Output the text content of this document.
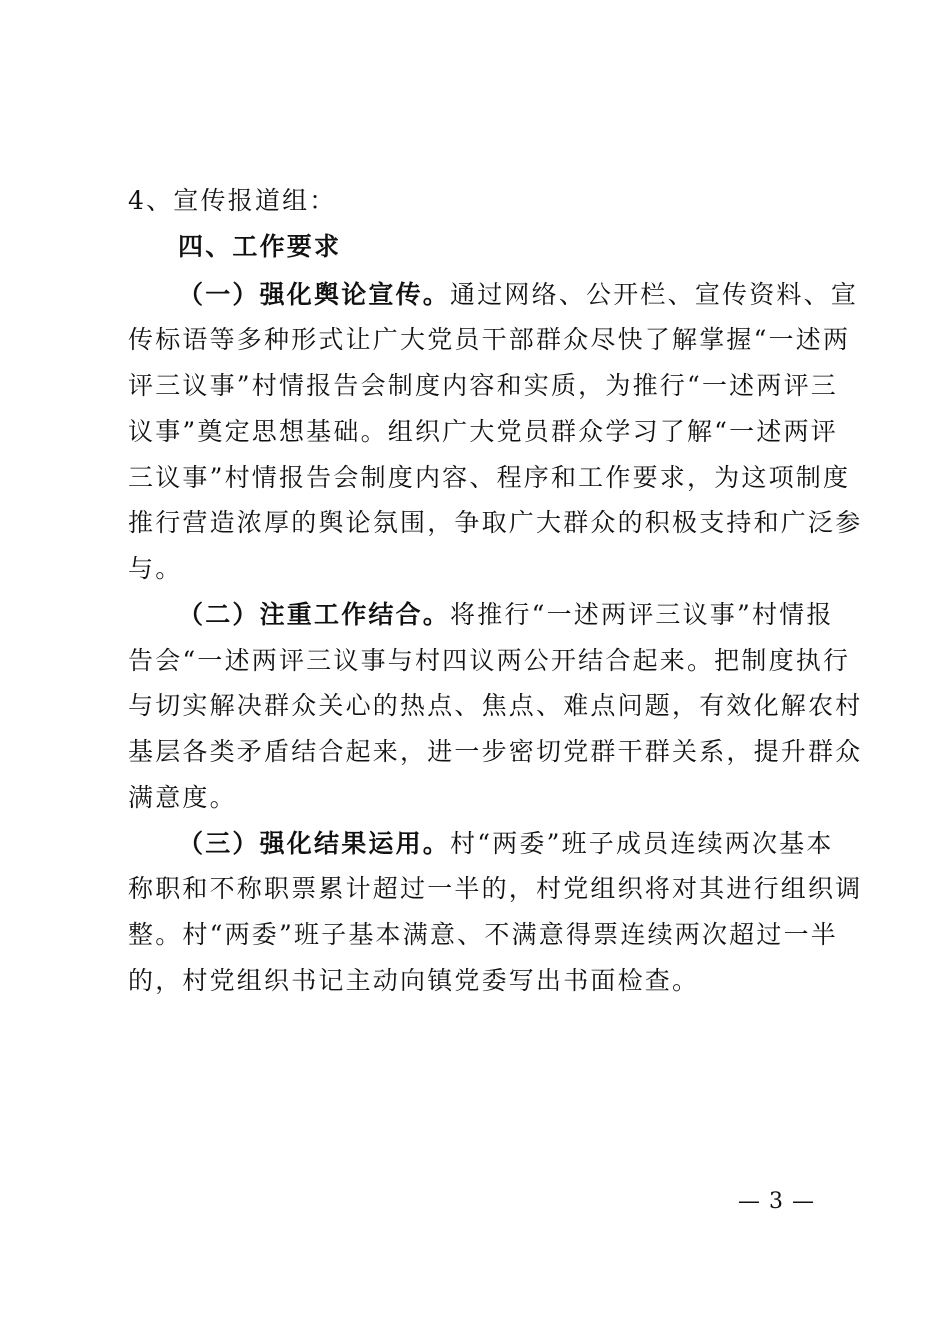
4、宣传报道组：
四、工作要求
（一）强化舆论宣传。通过网络、公开栏、宣传资料、宣
传标语等多种形式让广大党员干部群众尽快了解掌握“一述两
评三议事”村情报告会制度内容和实质，为推行“一述两评三
议事”奠定思想基础。组织广大党员群众学习了解“一述两评
三议事”村情报告会制度内容、程序和工作要求，为这项制度
推行营造浓厚的舆论氛围，争取广大群众的积极支持和广泛参
与。
（二）注重工作结合。将推行“一述两评三议事”村情报
告会“一述两评三议事与村四议两公开结合起来。把制度执行
与切实解决群众关心的热点、焦点、难点问题，有效化解农村
基层各类矛盾结合起来，进一步密切党群干群关系，提升群众
满意度。
（三）强化结果运用。村“两委”班子成员连续两次基本
称职和不称职票累计超过一半的，村党组织将对其进行组织调
整。村“两委”班子基本满意、不满意得票连续两次超过一半
的，村党组织书记主动向镇党委写出书面检查。
— 3 —
